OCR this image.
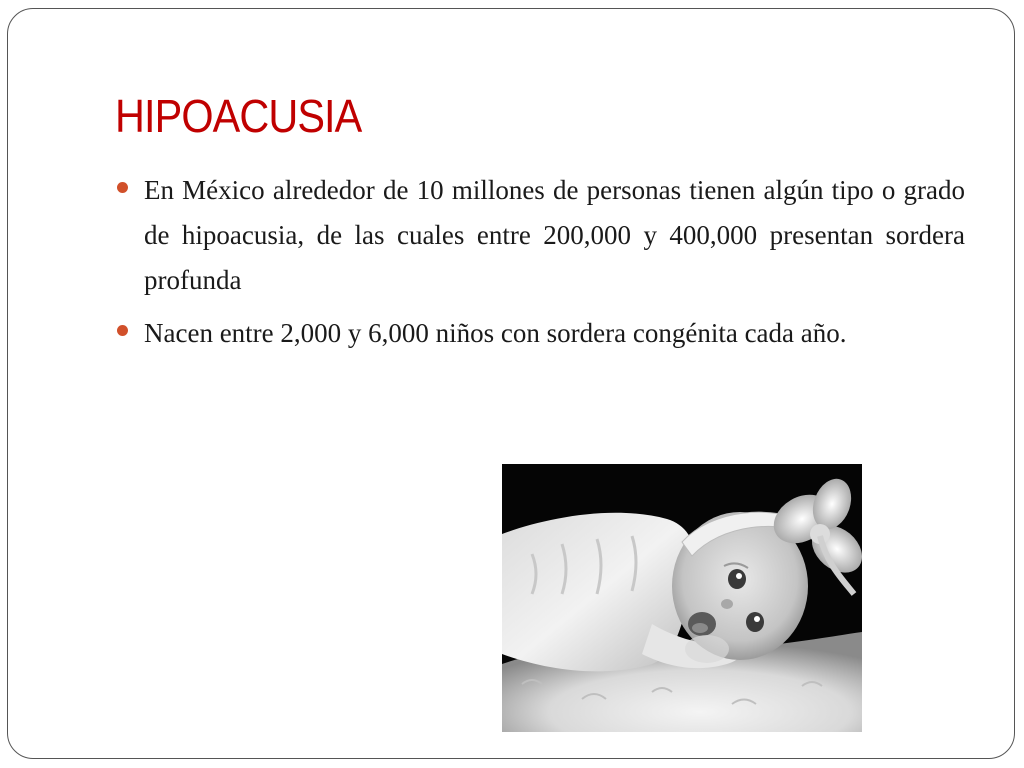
HIPOACUSIA
En México alrededor de 10 millones de personas tienen algún tipo o grado de hipoacusia, de las cuales entre 200,000 y 400,000 presentan sordera profunda
Nacen entre 2,000 y 6,000 niños con sordera congénita cada año.
